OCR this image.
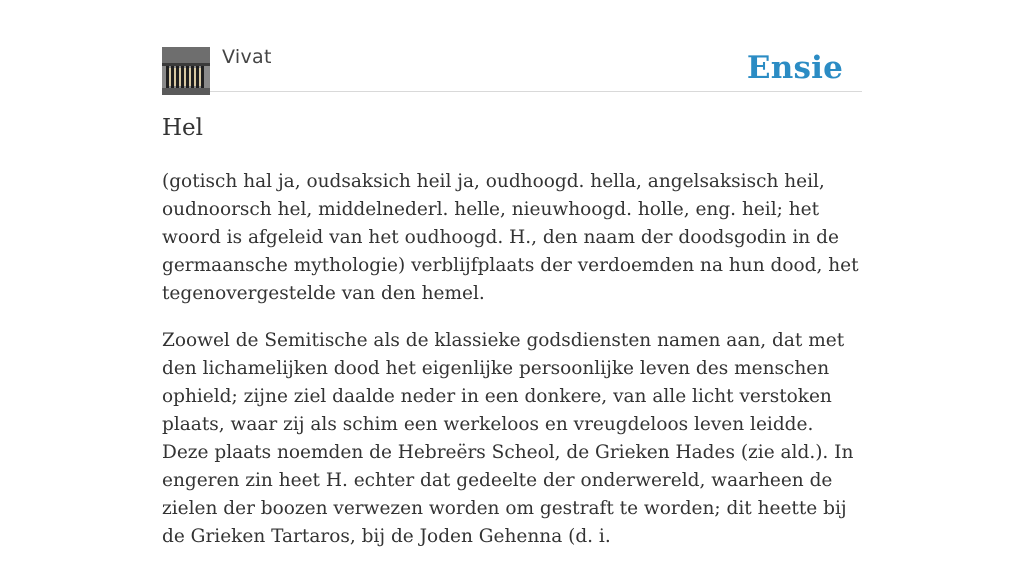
Vivat	Ensie
Hel

(gotisch hal ja, oudsaksich heil ja, oudhoogd. hella, angelsaksisch heil, oudnoorsch hel, middelnederl. helle, nieuwhoogd. holle, eng. heil; het woord is afgeleid van het oudhoogd. H., den naam der doodsgodin in de germaansche mythologie) verblijfplaats der verdoemden na hun dood, het tegenovergestelde van den hemel.

Zoowel de Semitische als de klassieke godsdiensten namen aan, dat met den lichamelijken dood het eigenlijke persoonlijke leven des menschen ophield; zijne ziel daalde neder in een donkere, van alle licht verstoken plaats, waar zij als schim een werkeloos en vreugdeloos leven leidde. Deze plaats noemden de Hebreërs Scheol, de Grieken Hades (zie ald.). In engeren zin heet H. echter dat gedeelte der onderwereld, waarheen de zielen der boozen verwezen worden om gestraft te worden; dit heette bij de Grieken Tartaros, bij de Joden Gehenna (d. i.
